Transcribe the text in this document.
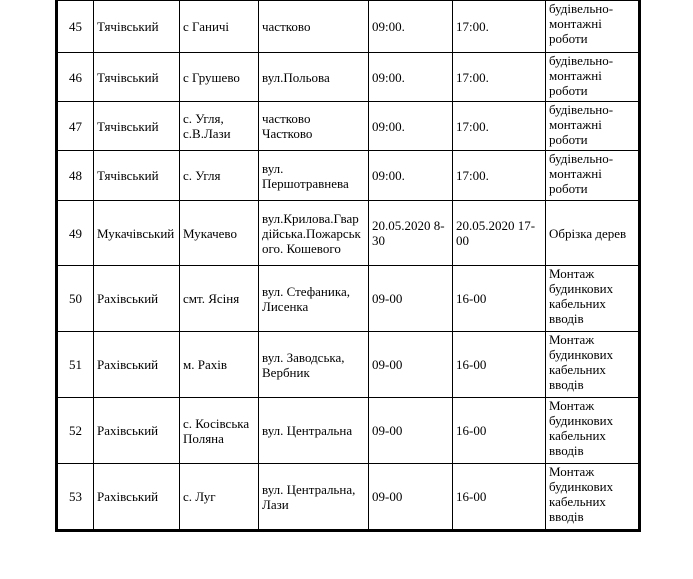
45	Тячівський	с Ганичі	частково	09:00.	17:00.	будівельно-
монтажні
роботи

46	Тячівський	с Грушево	вул.Польова	09:00.	17:00.	будівельно-
монтажні
роботи

47	Тячівський	с. Угля,
с.В.Лази	частково
Частково	09:00.	17:00.	будівельно-
монтажні
роботи

48	Тячівський	с. Угля	вул.
Першотравнева	09:00.	17:00.	будівельно-
монтажні
роботи

49	Мукачівський	Мукачево	вул.Крилова.Гвар
дійська.Пожарськ
ого. Кошевого	20.05.2020 8-
30	20.05.2020 17-
00	Обрізка дерев

50	Рахівський	смт. Ясіня	вул. Стефаника,
Лисенка	09-00	16-00	Монтаж
будинкових
кабельних
вводів

51	Рахівський	м. Рахів	вул. Заводська,
Вербник	09-00	16-00	Монтаж
будинкових
кабельних
вводів

52	Рахівський	с. Косівська
Поляна	вул. Центральна	09-00	16-00	Монтаж
будинкових
кабельних
вводів

53	Рахівський	с. Луг	вул. Центральна,
Лази	09-00	16-00	Монтаж
будинкових
кабельних
вводів
